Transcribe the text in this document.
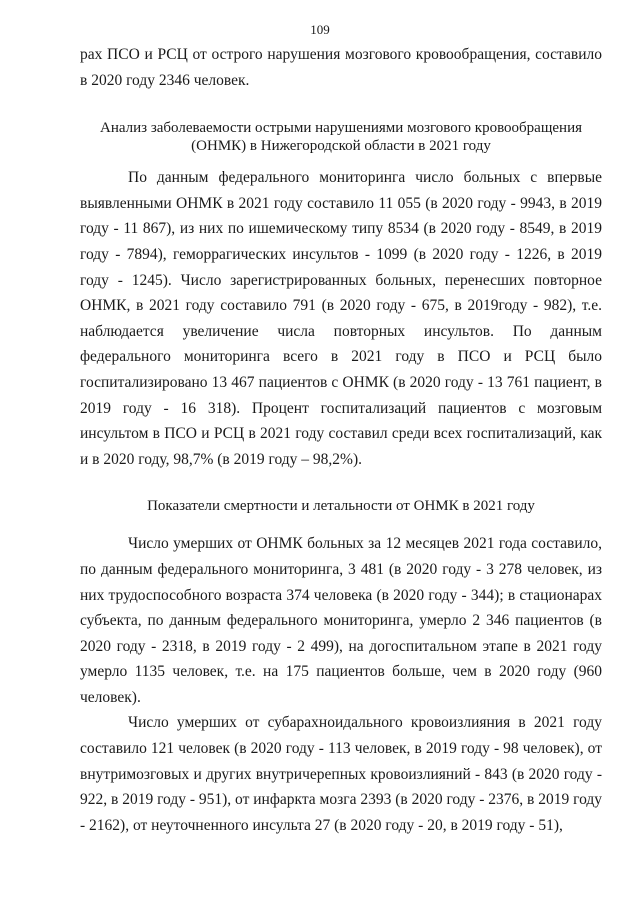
109

рах ПСО и РСЦ от острого нарушения мозгового кровообращения, составило в 2020 году 2346 человек.

Анализ заболеваемости острыми нарушениями мозгового кровообращения
(ОНМК) в Нижегородской области в 2021 году

По данным федерального мониторинга число больных с впервые выявленными ОНМК в 2021 году составило 11 055 (в 2020 году - 9943, в 2019 году - 11 867), из них по ишемическому типу 8534 (в 2020 году - 8549, в 2019 году - 7894), геморрагических инсультов - 1099 (в 2020 году - 1226, в 2019 году - 1245). Число зарегистрированных больных, перенесших повторное ОНМК, в 2021 году составило 791 (в 2020 году - 675, в 2019году - 982), т.е. наблюдается увеличение числа повторных инсультов. По данным федерального мониторинга всего в 2021 году в ПСО и РСЦ было госпитализировано 13 467 пациентов с ОНМК (в 2020 году - 13 761 пациент, в 2019 году - 16 318). Процент госпитализаций пациентов с мозговым инсультом в ПСО и РСЦ в 2021 году составил среди всех госпитализаций, как и в 2020 году, 98,7% (в 2019 году – 98,2%).

Показатели смертности и летальности от ОНМК в 2021 году

Число умерших от ОНМК больных за 12 месяцев 2021 года составило, по данным федерального мониторинга, 3 481 (в 2020 году - 3 278 человек, из них трудоспособного возраста 374 человека (в 2020 году - 344); в стационарах субъекта, по данным федерального мониторинга, умерло 2 346 пациентов (в 2020 году - 2318, в 2019 году - 2 499), на догоспитальном этапе в 2021 году умерло 1135 человек, т.е. на 175 пациентов больше, чем в 2020 году (960 человек).

Число умерших от субарахноидального кровоизлияния в 2021 году составило 121 человек (в 2020 году - 113 человек, в 2019 году - 98 человек), от внутримозговых и других внутричерепных кровоизлияний - 843 (в 2020 году - 922, в 2019 году - 951), от инфаркта мозга 2393 (в 2020 году - 2376, в 2019 году - 2162), от неуточненного инсульта 27 (в 2020 году - 20, в 2019 году - 51),
